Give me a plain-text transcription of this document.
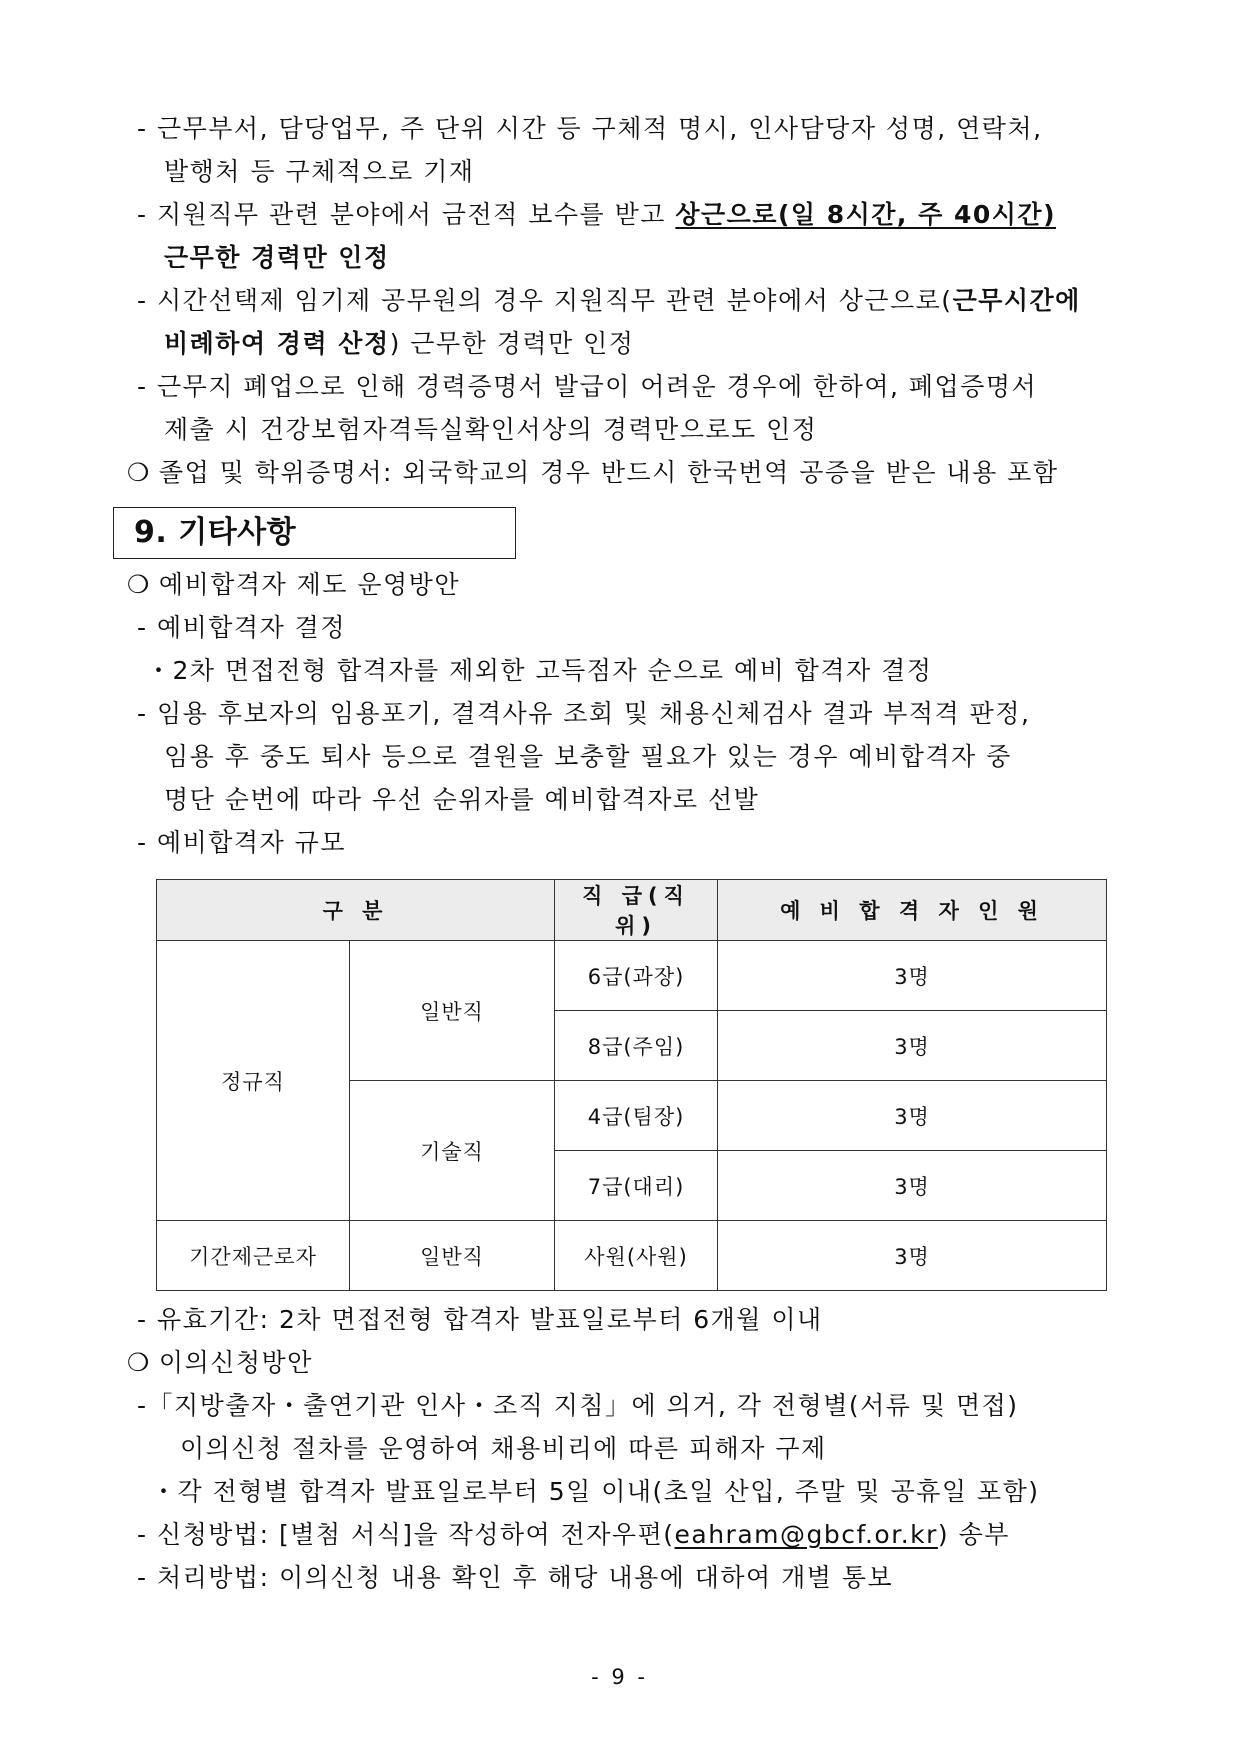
- 근무부서, 담당업무, 주 단위 시간 등 구체적 명시, 인사담당자 성명, 연락처,
발행처 등 구체적으로 기재
- 지원직무 관련 분야에서 금전적 보수를 받고 상근으로(일 8시간, 주 40시간)
근무한 경력만 인정
- 시간선택제 임기제 공무원의 경우 지원직무 관련 분야에서 상근으로(근무시간에
비례하여 경력 산정) 근무한 경력만 인정
- 근무지 폐업으로 인해 경력증명서 발급이 어려운 경우에 한하여, 폐업증명서
제출 시 건강보험자격득실확인서상의 경력만으로도 인정
❍ 졸업 및 학위증명서: 외국학교의 경우 반드시 한국번역 공증을 받은 내용 포함
9. 기타사항
❍ 예비합격자 제도 운영방안
- 예비합격자 결정
・2차 면접전형 합격자를 제외한 고득점자 순으로 예비 합격자 결정
- 임용 후보자의 임용포기, 결격사유 조회 및 채용신체검사 결과 부적격 판정,
임용 후 중도 퇴사 등으로 결원을 보충할 필요가 있는 경우 예비합격자 중
명단 순번에 따라 우선 순위자를 예비합격자로 선발
- 예비합격자 규모
구 분		직 급(직 위)	예 비 합 격 자 인 원
정규직	일반직	6급(과장)	3명
		8급(주임)	3명
	기술직	4급(팀장)	3명
		7급(대리)	3명
기간제근로자	일반직	사원(사원)	3명
- 유효기간: 2차 면접전형 합격자 발표일로부터 6개월 이내
❍ 이의신청방안
-「지방출자・출연기관 인사・조직 지침」에 의거, 각 전형별(서류 및 면접)
이의신청 절차를 운영하여 채용비리에 따른 피해자 구제
・각 전형별 합격자 발표일로부터 5일 이내(초일 산입, 주말 및 공휴일 포함)
- 신청방법: [별첨 서식]을 작성하여 전자우편(eahram@gbcf.or.kr) 송부
- 처리방법: 이의신청 내용 확인 후 해당 내용에 대하여 개별 통보
- 9 -
